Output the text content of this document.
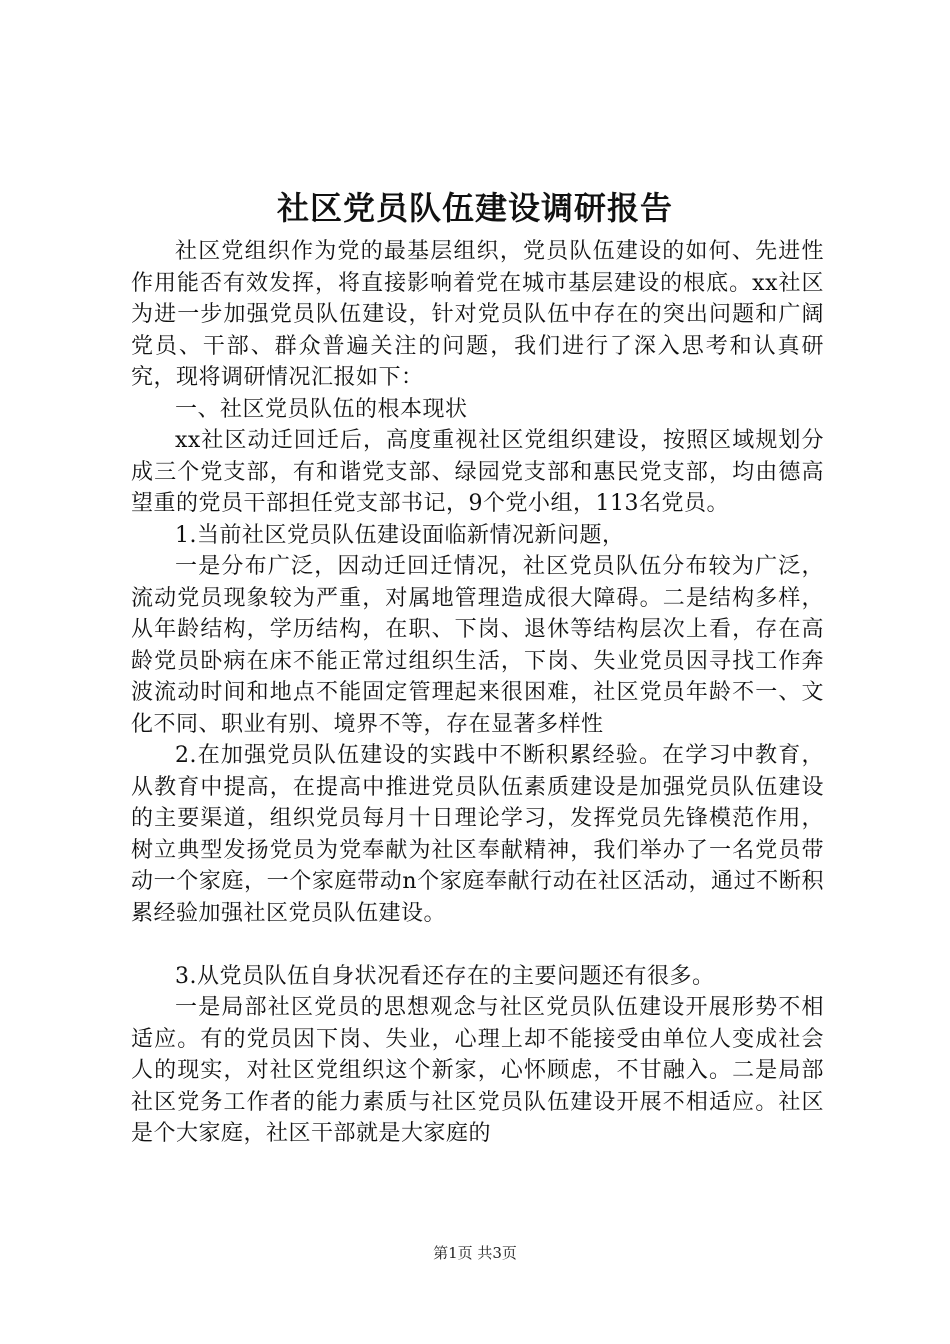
社区党员队伍建设调研报告

社区党组织作为党的最基层组织，党员队伍建设的如何、先进性作用能否有效发挥，将直接影响着党在城市基层建设的根底。xx社区为进一步加强党员队伍建设，针对党员队伍中存在的突出问题和广阔党员、干部、群众普遍关注的问题，我们进行了深入思考和认真研究，现将调研情况汇报如下：

一、社区党员队伍的根本现状

xx社区动迁回迁后，高度重视社区党组织建设，按照区域规划分成三个党支部，有和谐党支部、绿园党支部和惠民党支部，均由德高望重的党员干部担任党支部书记，9个党小组，113名党员。

1.当前社区党员队伍建设面临新情况新问题，

一是分布广泛，因动迁回迁情况，社区党员队伍分布较为广泛，流动党员现象较为严重，对属地管理造成很大障碍。二是结构多样，从年龄结构，学历结构，在职、下岗、退休等结构层次上看，存在高龄党员卧病在床不能正常过组织生活，下岗、失业党员因寻找工作奔波流动时间和地点不能固定管理起来很困难，社区党员年龄不一、文化不同、职业有别、境界不等，存在显著多样性

2.在加强党员队伍建设的实践中不断积累经验。在学习中教育，从教育中提高，在提高中推进党员队伍素质建设是加强党员队伍建设的主要渠道，组织党员每月十日理论学习，发挥党员先锋模范作用，树立典型发扬党员为党奉献为社区奉献精神，我们举办了一名党员带动一个家庭，一个家庭带动n个家庭奉献行动在社区活动，通过不断积累经验加强社区党员队伍建设。

3.从党员队伍自身状况看还存在的主要问题还有很多。

一是局部社区党员的思想观念与社区党员队伍建设开展形势不相适应。有的党员因下岗、失业，心理上却不能接受由单位人变成社会人的现实，对社区党组织这个新家，心怀顾虑，不甘融入。二是局部社区党务工作者的能力素质与社区党员队伍建设开展不相适应。社区是个大家庭，社区干部就是大家庭的

第1页 共3页
